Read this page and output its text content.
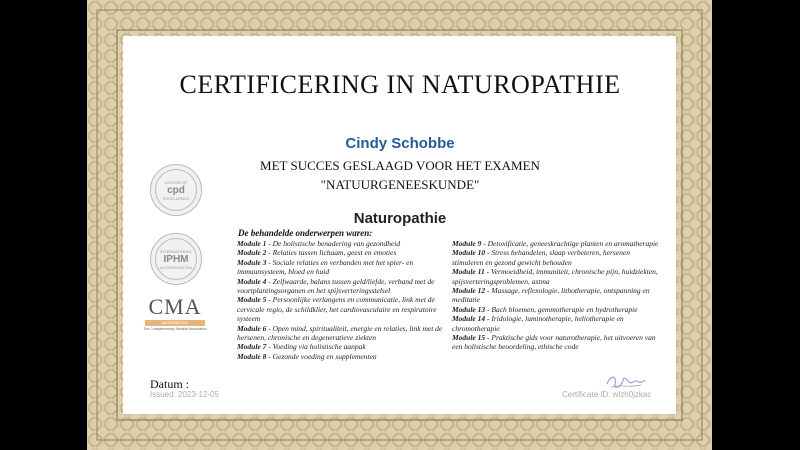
CERTIFICERING IN NATUROPATHIE
Cindy Schobbe
MET SUCCES GESLAAGD VOOR HET EXAMEN
"NATUURGENEESKUNDE"
Naturopathie
De behandelde onderwerpen waren:
Module 1 - De holistische benadering van gezondheid
Module 2 - Relaties tussen lichaam, geest en emoties
Module 3 - Sociale relaties en verbanden met het spier- en immuunsysteem, bloed en huid
Module 4 - Zelfwaarde, balans tussen geld/liefde, verband met de voortplantingsorganen en het spijsverteringsstelsel
Module 5 - Persoonlijke verlangens en communicatie, link met de cervicale regio, de schildklier, het cardiovasculaire en respiratoire systeem
Module 6 - Open mind, spiritualiteit, energie en relaties, link met de hersenen, chronische en degeneratieve ziekten
Module 7 - Voeding via holistische aanpak
Module 8 - Gezonde voeding en supplementen
Module 9 - Detoxificatie, geneeskrachtige planten en aromatherapie
Module 10 - Stress behandelen, slaap verbeteren, hersenen stimuleren en gezond gewicht behouden
Module 11 - Vermoeidheid, immuniteit, chronische pijn, huidziekten, spijsverteringsproblemen, astma
Module 12 - Massage, reflexologie, lithotherapie, ontspanning en meditatie
Module 13 - Bach bloemen, gemmotherapie en hydrotherapie
Module 14 - Iridologie, luminotherapie, heliotherapie en chromotherapie
Module 15 - Praktische gids voor naturotherapie, het uitvoeren van een holistische beoordeling, ethische code
CENTRE OF
cpd
EXCELLENCE
INTERNATIONAL
IPHM
ACCREDITATION
CMA
ACCREDITED
The Complementary Medical Association
Datum :
Issued: 2023-12-05	Certificate ID: wlzh0jzkac
